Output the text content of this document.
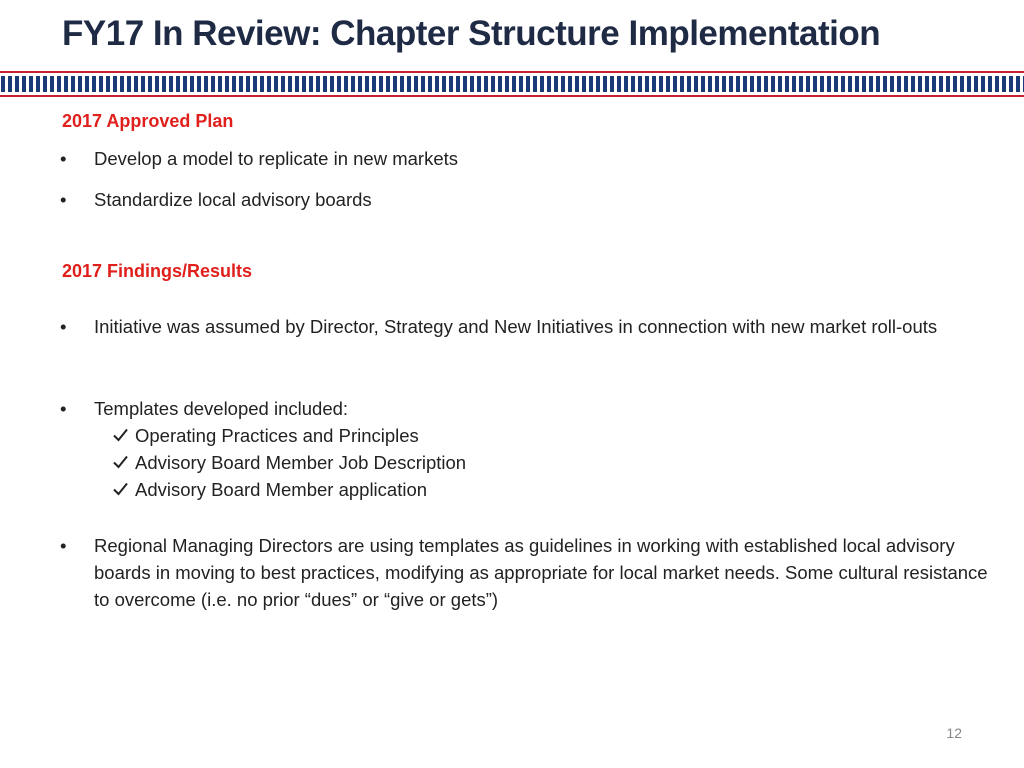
FY17 In Review: Chapter Structure Implementation
2017 Approved Plan
•	Develop a model to replicate in new markets
•	Standardize local advisory boards
2017 Findings/Results
•	Initiative was assumed by Director, Strategy and New Initiatives in connection with new market roll-outs
•	Templates developed included:
Operating Practices and Principles
Advisory Board Member Job Description
Advisory Board Member application
•	Regional Managing Directors are using templates as guidelines in working with established local advisory boards in moving to best practices, modifying as appropriate for local market needs. Some cultural resistance to overcome (i.e. no prior “dues” or “give or gets”)
12
